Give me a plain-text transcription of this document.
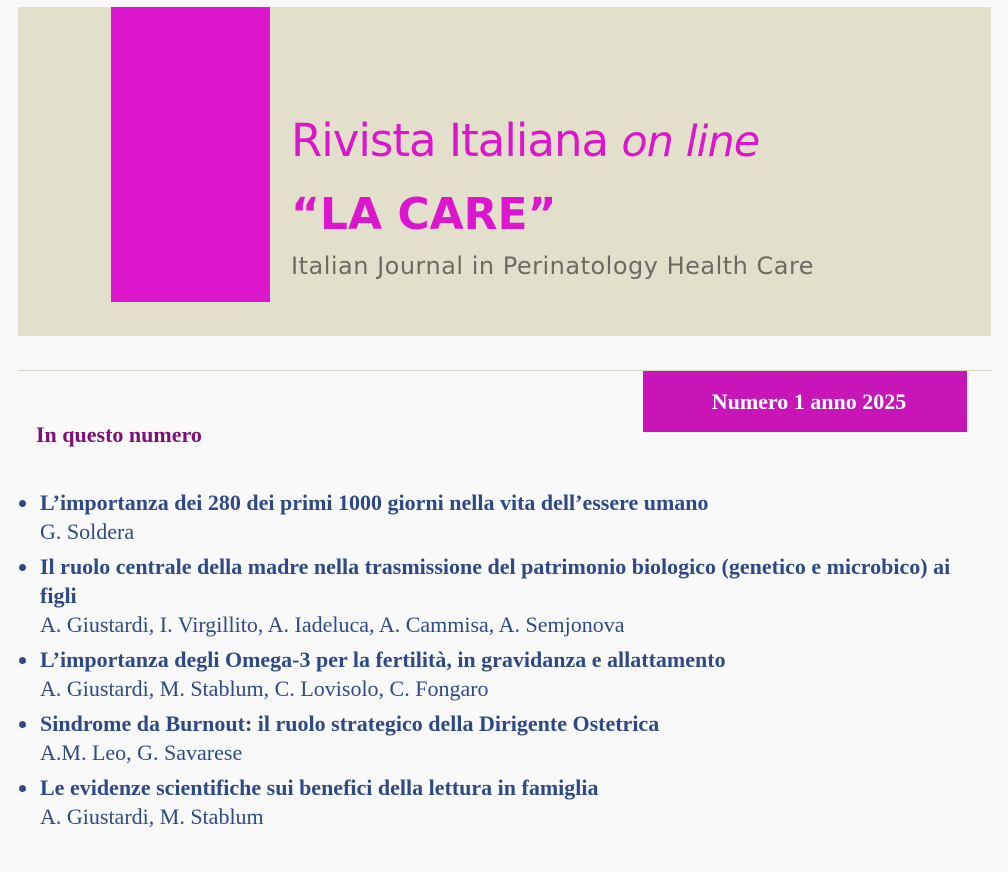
Rivista Italiana on line
“LA CARE”
Italian Journal in Perinatology Health Care
Numero 1 anno 2025
In questo numero
L’importanza dei 280 dei primi 1000 giorni nella vita dell’essere umano
G. Soldera
Il ruolo centrale della madre nella trasmissione del patrimonio biologico (genetico e microbico) ai figli
A. Giustardi, I. Virgillito, A. Iadeluca, A. Cammisa, A. Semjonova
L’importanza degli Omega-3 per la fertilità, in gravidanza e allattamento
A. Giustardi, M. Stablum, C. Lovisolo, C. Fongaro
Sindrome da Burnout: il ruolo strategico della Dirigente Ostetrica
A.M. Leo, G. Savarese
Le evidenze scientifiche sui benefici della lettura in famiglia
A. Giustardi, M. Stablum
